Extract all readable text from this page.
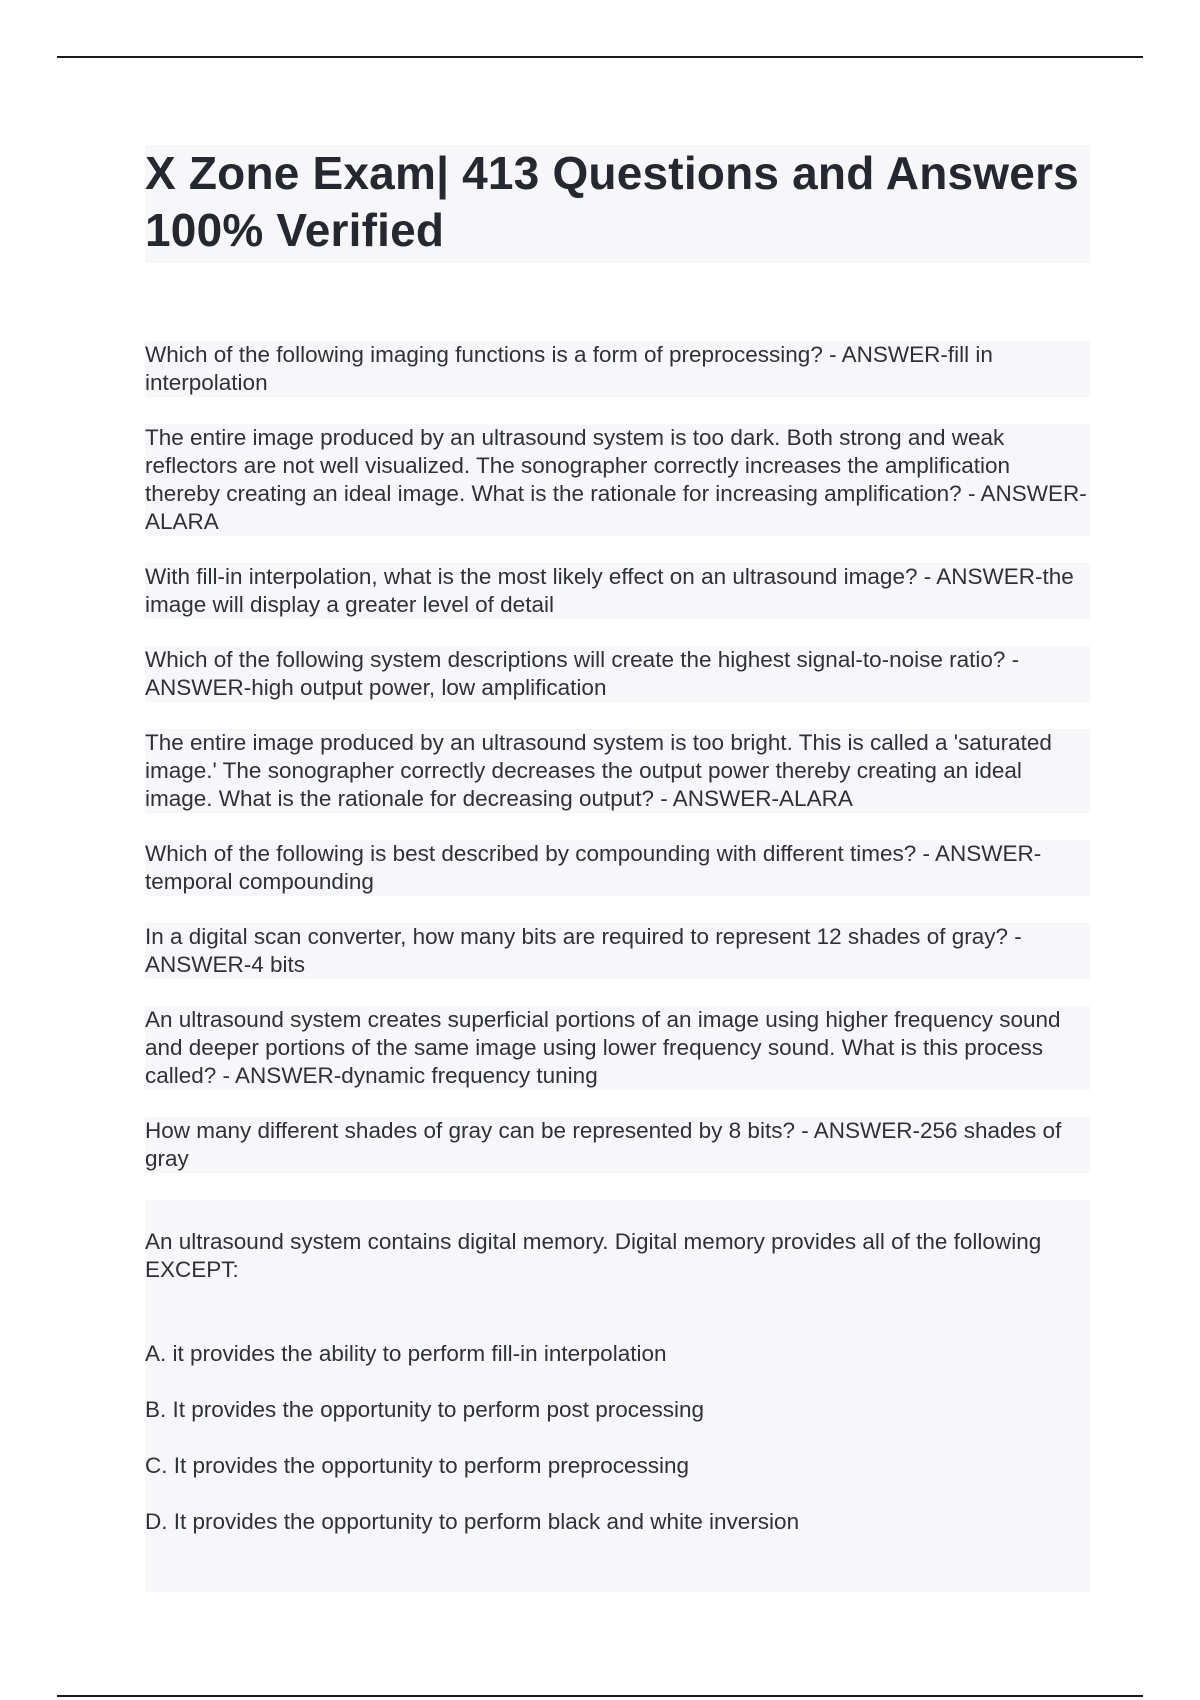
X Zone Exam| 413 Questions and Answers 100% Verified

Which of the following imaging functions is a form of preprocessing? - ANSWER-fill in interpolation

The entire image produced by an ultrasound system is too dark. Both strong and weak reflectors are not well visualized. The sonographer correctly increases the amplification thereby creating an ideal image. What is the rationale for increasing amplification? - ANSWER-ALARA

With fill-in interpolation, what is the most likely effect on an ultrasound image? - ANSWER-the image will display a greater level of detail

Which of the following system descriptions will create the highest signal-to-noise ratio? - ANSWER-high output power, low amplification

The entire image produced by an ultrasound system is too bright. This is called a 'saturated image.' The sonographer correctly decreases the output power thereby creating an ideal image. What is the rationale for decreasing output? - ANSWER-ALARA

Which of the following is best described by compounding with different times? - ANSWER-temporal compounding

In a digital scan converter, how many bits are required to represent 12 shades of gray? - ANSWER-4 bits

An ultrasound system creates superficial portions of an image using higher frequency sound and deeper portions of the same image using lower frequency sound. What is this process called? - ANSWER-dynamic frequency tuning

How many different shades of gray can be represented by 8 bits? - ANSWER-256 shades of gray

An ultrasound system contains digital memory. Digital memory provides all of the following EXCEPT:

A. it provides the ability to perform fill-in interpolation

B. It provides the opportunity to perform post processing

C. It provides the opportunity to perform preprocessing

D. It provides the opportunity to perform black and white inversion
